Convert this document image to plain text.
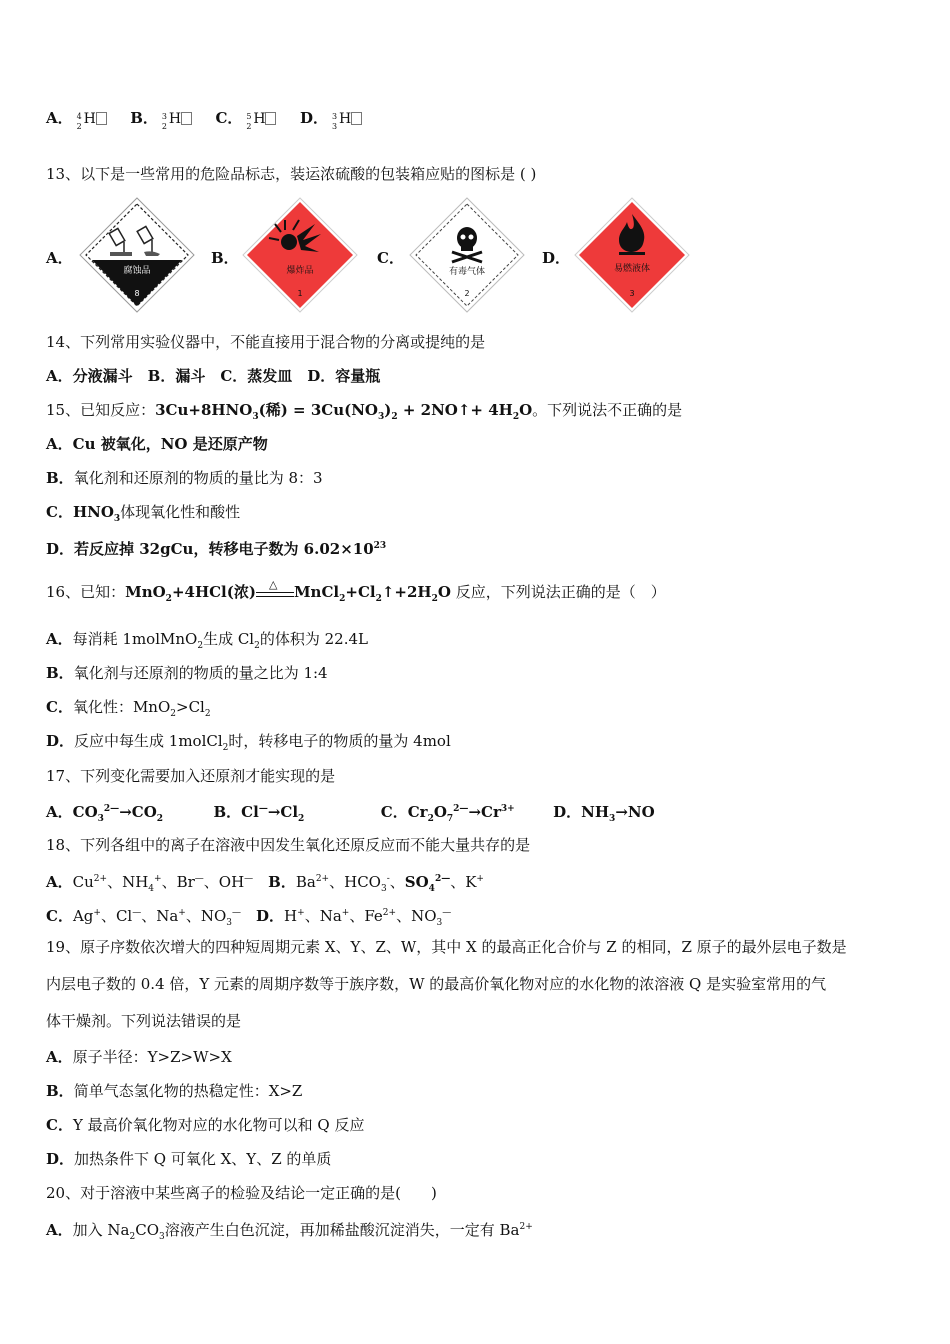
A． 4
2 H B． 3
2 H C． 5
2 H D． 3
3 H
13、以下是一些常用的危险品标志，装运浓硫酸的包装箱应贴的图标是 ( )
A．	B．	C．	D．
腐蚀品
8
爆炸品
1
有毒气体
2
易燃液体
3
14、下列常用实验仪器中，不能直接用于混合物的分离或提纯的是
A．分液漏斗　B．漏斗　C．蒸发皿　D．容量瓶
15、已知反应：$3Cu+8HNO_3$(稀) = $3Cu(NO_3)_2$ + 2NO↑+ $4H_2O$。下列说法不正确的是
A．Cu 被氧化，NO 是还原产物
B．氧化剂和还原剂的物质的量比为 8：3
C．$HNO_3$体现氧化性和酸性
D．若反应掉 32gCu，转移电子数为 $6.02\times 10^{23}$
16、已知：MnO$_2$+4HCl(浓) △ $MnCl_2+Cl_2↑+2H_2O$ 反应，下列说法正确的是（　）
A．每消耗 1molMnO$_2$生成 $Cl_2$的体积为 22.4L
B．氧化剂与还原剂的物质的量之比为 1:4
C．氧化性：$MnO_2>Cl_2$
D．反应中每生成 1molCl$_2$时，转移电子的物质的量为 4mol
17、下列变化需要加入还原剂才能实现的是
A．$CO_3^{2—}\to CO_2$	B．$Cl^—\to Cl_2$	C．$Cr_2O_7^{2—}\to Cr^{3+}$	D．$NH_3\to NO$
18、下列各组中的离子在溶液中因发生氧化还原反应而不能大量共存的是
A．$Cu^{2+}$、$NH_4^+$、Br—、OH—　 B．$Ba^{2+}$、$HCO_3^-$、$SO_4^{2—}$、K+
C．Ag+、Cl—、Na+、$NO_3^—$　 D．H+、Na+、$Fe^{2+}$、$NO_3^—$
19、原子序数依次增大的四种短周期元素 X、Y、Z、W，其中 X 的最高正化合价与 Z 的相同，Z 原子的最外层电子数是
内层电子数的 0.4 倍，Y 元素的周期序数等于族序数，W 的最高价氧化物对应的水化物的浓溶液 Q 是实验室常用的气
体干燥剂。下列说法错误的是
A．原子半径：Y>Z>W>X
B．简单气态氢化物的热稳定性：X>Z
C．Y 最高价氧化物对应的水化物可以和 Q 反应
D．加热条件下 Q 可氧化 X、Y、Z 的单质
20、对于溶液中某些离子的检验及结论一定正确的是(　　)
A．加入 $Na_2CO_3$溶液产生白色沉淀，再加稀盐酸沉淀消失，一定有 $Ba^{2+}$
